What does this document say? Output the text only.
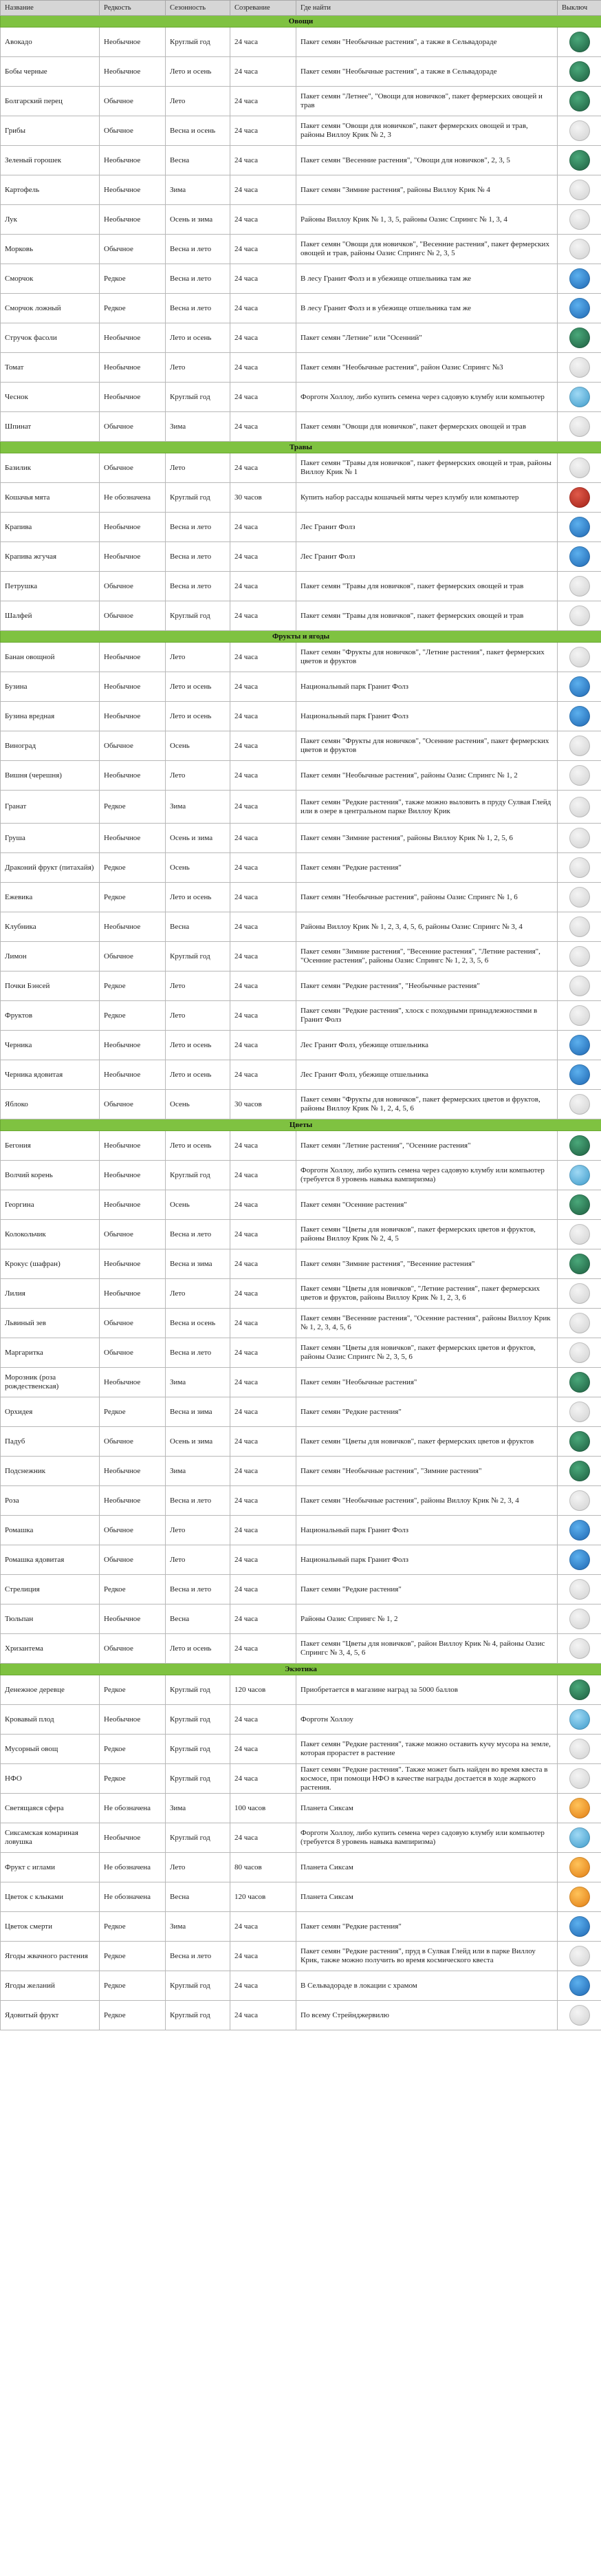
Название	Редкость	Сезонность	Созревание	Где найти	Выключ
Овощи					
Авокадо	Необычное	Круглый год	24 часа	Пакет семян "Необычные растения", а также в Сельвадораде	
Бобы черные	Необычное	Лето и осень	24 часа	Пакет семян "Необычные растения", а также в Сельвадораде	
Болгарский перец	Обычное	Лето	24 часа	Пакет семян "Летнее", "Овощи для новичков", пакет фермерских овощей и трав	
Грибы	Обычное	Весна и осень	24 часа	Пакет семян "Овощи для новичков", пакет фермерских овощей и трав, районы Виллоу Крик № 2, 3	
Зеленый горошек	Необычное	Весна	24 часа	Пакет семян "Весенние растения", "Овощи для новичков", 2, 3, 5	
Картофель	Необычное	Зима	24 часа	Пакет семян "Зимние растения", районы Виллоу Крик № 4	
Лук	Необычное	Осень и зима	24 часа	Районы Виллоу Крик № 1, 3, 5, районы Оазис Спрингс № 1, 3, 4	
Морковь	Обычное	Весна и лето	24 часа	Пакет семян "Овощи для новичков", "Весенние растения", пакет фермерских овощей и трав, районы Оазис Спрингс № 2, 3, 5	
Сморчок	Редкое	Весна и лето	24 часа	В лесу Гранит Фолз и в убежище отшельника там же	
Сморчок ложный	Редкое	Весна и лето	24 часа	В лесу Гранит Фолз и в убежище отшельника там же	
Стручок фасоли	Необычное	Лето и осень	24 часа	Пакет семян "Летние" или "Осенний"	
Томат	Необычное	Лето	24 часа	Пакет семян "Необычные растения", район Оазис Спрингс №3	
Чеснок	Необычное	Круглый год	24 часа	Форготн Холлоу, либо купить семена через садовую клумбу или компьютер	
Шпинат	Обычное	Зима	24 часа	Пакет семян "Овощи для новичков", пакет фермерских овощей и трав	
Травы					
Базилик	Обычное	Лето	24 часа	Пакет семян "Травы для новичков", пакет фермерских овощей и трав, районы Виллоу Крик № 1	
Кошачья мята	Не обозначена	Круглый год	30 часов	Купить набор рассады кошачьей мяты через клумбу или компьютер	
Крапива	Необычное	Весна и лето	24 часа	Лес Гранит Фолз	
Крапива жгучая	Необычное	Весна и лето	24 часа	Лес Гранит Фолз	
Петрушка	Обычное	Весна и лето	24 часа	Пакет семян "Травы для новичков", пакет фермерских овощей и трав	
Шалфей	Обычное	Круглый год	24 часа	Пакет семян "Травы для новичков", пакет фермерских овощей и трав	
Фрукты и ягоды					
Банан овощной	Необычное	Лето	24 часа	Пакет семян "Фрукты для новичков", "Летние растения", пакет фермерских цветов и фруктов	
Бузина	Необычное	Лето и осень	24 часа	Национальный парк Гранит Фолз	
Бузина вредная	Необычное	Лето и осень	24 часа	Национальный парк Гранит Фолз	
Виноград	Обычное	Осень	24 часа	Пакет семян "Фрукты для новичков", "Осенние растения", пакет фермерских цветов и фруктов	
Вишня (черешня)	Необычное	Лето	24 часа	Пакет семян "Необычные растения", районы Оазис Спрингс № 1, 2	
Гранат	Редкое	Зима	24 часа	Пакет семян "Редкие растения", также можно выловить в пруду Сулвая Глейд или в озере в центральном парке Виллоу Крик	
Груша	Необычное	Осень и зима	24 часа	Пакет семян "Зимние растения", районы Виллоу Крик № 1, 2, 5, 6	
Драконий фрукт (питахайя)	Редкое	Осень	24 часа	Пакет семян "Редкие растения"	
Ежевика	Редкое	Лето и осень	24 часа	Пакет семян "Необычные растения", районы Оазис Спрингс № 1, 6	
Клубника	Необычное	Весна	24 часа	Районы Виллоу Крик № 1, 2, 3, 4, 5, 6, районы Оазис Спрингс № 3, 4	
Лимон	Обычное	Круглый год	24 часа	Пакет семян "Зимние растения", "Весенние растения", "Летние растения", "Осенние растения", районы Оазис Спрингс № 1, 2, 3, 5, 6	
Почки Бэнсей	Редкое	Лето	24 часа	Пакет семян "Редкие растения", "Необычные растения"	
Фруктов	Редкое	Лето	24 часа	Пакет семян "Редкие растения", хлоск с походными принадлежностями в Гранит Фолз	
Черника	Необычное	Лето и осень	24 часа	Лес Гранит Фолз, убежище отшельника	
Черника ядовитая	Необычное	Лето и осень	24 часа	Лес Гранит Фолз, убежище отшельника	
Яблоко	Обычное	Осень	30 часов	Пакет семян "Фрукты для новичков", пакет фермерских цветов и фруктов, районы Виллоу Крик № 1, 2, 4, 5, 6	
Цветы					
Бегония	Необычное	Лето и осень	24 часа	Пакет семян "Летние растения", "Осенние растения"	
Волчий корень	Необычное	Круглый год	24 часа	Форготн Холлоу, либо купить семена через садовую клумбу или компьютер (требуется 8 уровень навыка вампиризма)	
Георгина	Необычное	Осень	24 часа	Пакет семян "Осенние растения"	
Колокольчик	Обычное	Весна и лето	24 часа	Пакет семян "Цветы для новичков", пакет фермерских цветов и фруктов, районы Виллоу Крик № 2, 4, 5	
Крокус (шафран)	Необычное	Весна и зима	24 часа	Пакет семян "Зимние растения", "Весенние растения"	
Лилия	Необычное	Лето	24 часа	Пакет семян "Цветы для новичков", "Летние растения", пакет фермерских цветов и фруктов, районы Виллоу Крик № 1, 2, 3, 6	
Львиный зев	Обычное	Весна и осень	24 часа	Пакет семян "Весенние растения", "Осенние растения", районы Виллоу Крик № 1, 2, 3, 4, 5, 6	
Маргаритка	Обычное	Весна и лето	24 часа	Пакет семян "Цветы для новичков", пакет фермерских цветов и фруктов, районы Оазис Спрингс № 2, 3, 5, 6	
Морозник (роза рождественская)	Необычное	Зима	24 часа	Пакет семян "Необычные растения"	
Орхидея	Редкое	Весна и зима	24 часа	Пакет семян "Редкие растения"	
Падуб	Обычное	Осень и зима	24 часа	Пакет семян "Цветы для новичков", пакет фермерских цветов и фруктов	
Подснежник	Необычное	Зима	24 часа	Пакет семян "Необычные растения", "Зимние растения"	
Роза	Необычное	Весна и лето	24 часа	Пакет семян "Необычные растения", районы Виллоу Крик № 2, 3, 4	
Ромашка	Обычное	Лето	24 часа	Национальный парк Гранит Фолз	
Ромашка ядовитая	Обычное	Лето	24 часа	Национальный парк Гранит Фолз	
Стрелиция	Редкое	Весна и лето	24 часа	Пакет семян "Редкие растения"	
Тюльпан	Необычное	Весна	24 часа	Районы Оазис Спрингс № 1, 2	
Хризантема	Обычное	Лето и осень	24 часа	Пакет семян "Цветы для новичков", район Виллоу Крик № 4, районы Оазис Спрингс № 3, 4, 5, 6	
Экзотика					
Денежное деревце	Редкое	Круглый год	120 часов	Приобретается в магазине наград за 5000 баллов	
Кровавый плод	Необычное	Круглый год	24 часа	Форготн Холлоу	
Мусорный овощ	Редкое	Круглый год	24 часа	Пакет семян "Редкие растения", также можно оставить кучу мусора на земле, которая прорастет в растение	
НФО	Редкое	Круглый год	24 часа	Пакет семян "Редкие растения". Также может быть найден во время квеста в космосе, при помощи НФО в качестве награды достается в ходе жаркого растения.	
Светящаяся сфера	Не обозначена	Зима	100 часов	Планета Сиксам	
Сиксамская комариная ловушка	Необычное	Круглый год	24 часа	Форготн Холлоу, либо купить семена через садовую клумбу или компьютер (требуется 8 уровень навыка вампиризма)	
Фрукт с иглами	Не обозначена	Лето	80 часов	Планета Сиксам	
Цветок с клыками	Не обозначена	Весна	120 часов	Планета Сиксам	
Цветок смерти	Редкое	Зима	24 часа	Пакет семян "Редкие растения"	
Ягоды жвачного растения	Редкое	Весна и лето	24 часа	Пакет семян "Редкие растения", пруд в Сулвая Глейд или в парке Виллоу Крик, также можно получить во время космического квеста	
Ягоды желаний	Редкое	Круглый год	24 часа	В Сельвадораде в локации с храмом	
Ядовитый фрукт	Редкое	Круглый год	24 часа	По всему Стрейнджервилю	
